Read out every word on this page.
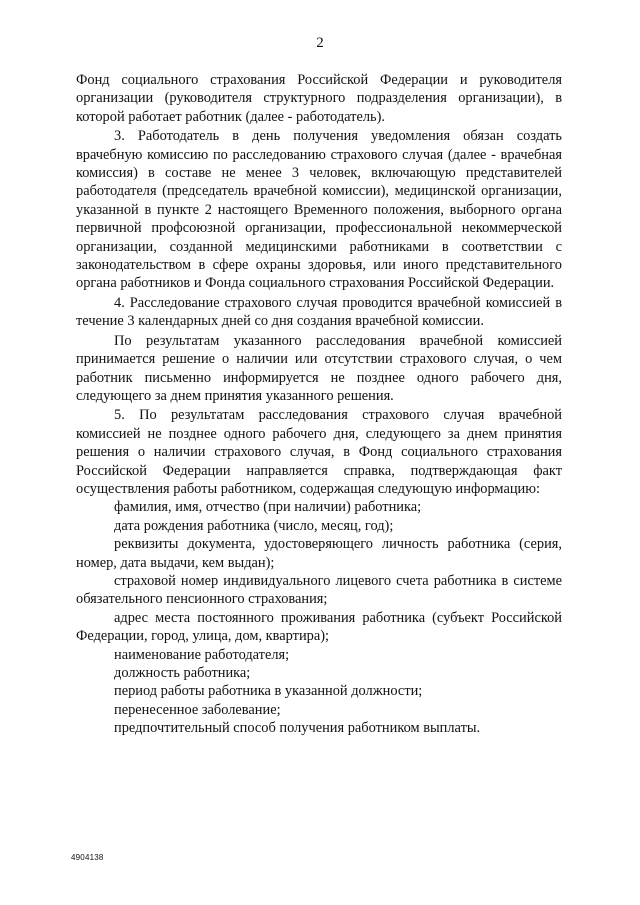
2

Фонд социального страхования Российской Федерации и руководителя организации (руководителя структурного подразделения организации), в которой работает работник (далее - работодатель).

3. Работодатель в день получения уведомления обязан создать врачебную комиссию по расследованию страхового случая (далее - врачебная комиссия) в составе не менее 3 человек, включающую представителей работодателя (председатель врачебной комиссии), медицинской организации, указанной в пункте 2 настоящего Временного положения, выборного органа первичной профсоюзной организации, профессиональной некоммерческой организации, созданной медицинскими работниками в соответствии с законодательством в сфере охраны здоровья, или иного представительного органа работников и Фонда социального страхования Российской Федерации.

4. Расследование страхового случая проводится врачебной комиссией в течение 3 календарных дней со дня создания врачебной комиссии.

По результатам указанного расследования врачебной комиссией принимается решение о наличии или отсутствии страхового случая, о чем работник письменно информируется не позднее одного рабочего дня, следующего за днем принятия указанного решения.

5. По результатам расследования страхового случая врачебной комиссией не позднее одного рабочего дня, следующего за днем принятия решения о наличии страхового случая, в Фонд социального страхования Российской Федерации направляется справка, подтверждающая факт осуществления работы работником, содержащая следующую информацию:

фамилия, имя, отчество (при наличии) работника;

дата рождения работника (число, месяц, год);

реквизиты документа, удостоверяющего личность работника (серия, номер, дата выдачи, кем выдан);

страховой номер индивидуального лицевого счета работника в системе обязательного пенсионного страхования;

адрес места постоянного проживания работника (субъект Российской Федерации, город, улица, дом, квартира);

наименование работодателя;

должность работника;

период работы работника в указанной должности;

перенесенное заболевание;

предпочтительный способ получения работником выплаты.

4904138
